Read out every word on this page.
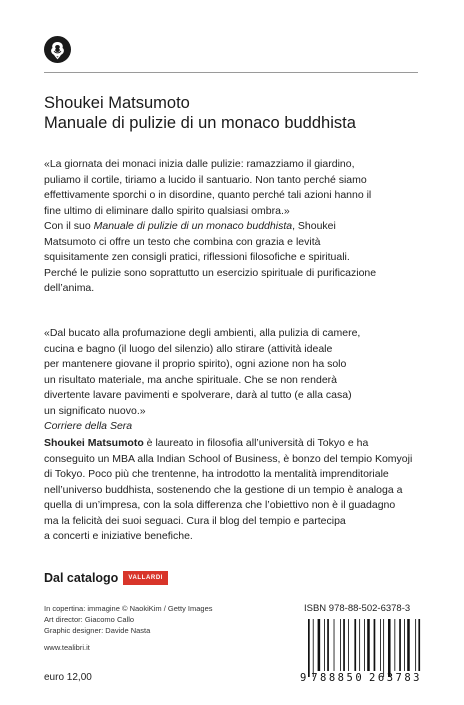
Shoukei Matsumoto
Manuale di pulizie di un monaco buddhista
«La giornata dei monaci inizia dalle pulizie: ramazziamo il giardino,
puliamo il cortile, tiriamo a lucido il santuario. Non tanto perché siamo
effettivamente sporchi o in disordine, quanto perché tali azioni hanno il
fine ultimo di eliminare dallo spirito qualsiasi ombra.»
Con il suo Manuale di pulizie di un monaco buddhista, Shoukei
Matsumoto ci offre un testo che combina con grazia e levità
squisitamente zen consigli pratici, riflessioni filosofiche e spirituali.
Perché le pulizie sono soprattutto un esercizio spirituale di purificazione
dell’anima.
«Dal bucato alla profumazione degli ambienti, alla pulizia di camere,
cucina e bagno (il luogo del silenzio) allo stirare (attività ideale
per mantenere giovane il proprio spirito), ogni azione non ha solo
un risultato materiale, ma anche spirituale. Che se non renderà
divertente lavare pavimenti e spolverare, darà al tutto (e alla casa)
un significato nuovo.»
Corriere della Sera
Shoukei Matsumoto è laureato in filosofia all’università di Tokyo e ha
conseguito un MBA alla Indian School of Business, è bonzo del tempio Komyoji
di Tokyo. Poco più che trentenne, ha introdotto la mentalità imprenditoriale
nell’universo buddhista, sostenendo che la gestione di un tempio è analoga a
quella di un’impresa, con la sola differenza che l’obiettivo non è il guadagno
ma la felicità dei suoi seguaci. Cura il blog del tempio e partecipa
a concerti e iniziative benefiche.
Dal catalogo	VALLARDI
In copertina: immagine © NaokiKim / Getty Images
Art director: Giacomo Callo
Graphic designer: Davide Nasta
www.tealibri.it
euro 12,00
ISBN 978-88-502-6378-3
9 788850 263783
